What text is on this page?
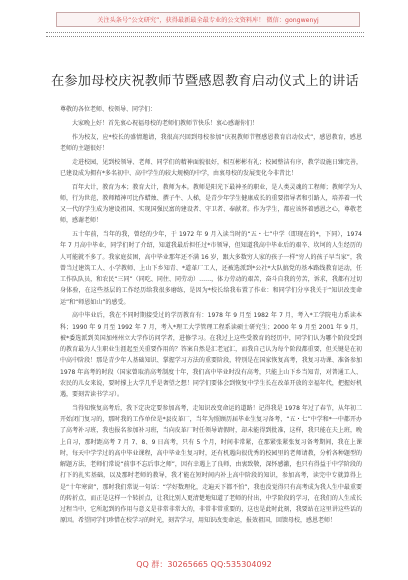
关注头条号“公文研究”，获得最新最全最专业的公文资料库！ 微信：gongwenyj
在参加母校庆祝教师节暨感恩教育启动仪式上的讲话

尊敬的各位老师、校领导、同学们：

大家晚上好！首先衷心祝福母校的老师们教师节快乐！衷心感谢你们！

作为校友，应*校长的盛情邀请，我很高兴回到母校参加“庆祝教师节暨感恩教育启动仪式”，感恩教育，感恩老师的主题很好！

走进校园，见到校领导、老师、同学们的精神面貌很好，相互彬彬有礼；校园整洁有序，教学设施日臻完善，已建设成为拥有*多名初中、高中学生的较大规模的中学，由衷母校的发展变化今非昔比！

百年大计，教育为本；教育大计，教师为本。教师是阳光下最神圣的职业，是人类灵魂的工程师；教师学为人师，行为世范，教师精神可比作蜡烛、撰子牛、人梯，是青少年学生健康成长的重要指导者和引路人，培养着一代又一代的学生成为建设祖国、实现国强民富的建设者、守卫者、奉献者。作为学生，都应该怀着感恩之心，尊敬老师，感谢老师！

五十年前，当年的我，曾经的少年，于 1972 年 9 月入读当时的“五・七”中学（即现在的*，下同），1974 年 7 月高中毕业，同学们时了介绍，知道我最后担任过*市领导，但知道我高中毕业后的艰辛、坎坷的人生经历的人可能就不多了。我家庭贫困，高中毕业那年还不满 16 岁，跟大多数穷人家的孩子一样“穷人的孩子早当家”，我曾当过建筑工人、小学教师、上山下乡知青、*道革厂工人，还被选派到*公社*大队搞党的基本路线教育运动，任工作队队员，和农民“三同”（同吃、同住、同劳动）……，体力劳动的艰苦，奋斗自我的劳苦，诉求，我都有过切身体验，在这些基层的工作经历给我很多磨练，是因为*校长给我布置了作业：和同学们分享我关于“知识改变命运”和“师恩如山”的感受。

高中毕业后，我在不同时期接受过的学历教育有：1978 年 9 月至 1982 年 7 月，考入*工学院电力系读本科；1990 年 9 月至 1992 年 7 月，考入*理工大学管理工程系读硕士研究生；2000 年 9 月至 2001 年 9 月，被*委选派到美国加州州立大学作访问学者，进修学习。在我过上这些受教育的经历中，同学们认为哪个阶段受到的教育最为人生职业生涯起至关重要作用的？答案自然是汇老冠汇，而我自己认为每个阶段都重要，但关键是在初中高中阶段！那是青少年人基础知识、掌握学习方法的重要阶段，特别是在国家恢复高考，我复习功课、准备参加 1978 年高考的时段（国家曾取消高考制度十年，我们高中毕业时没有高考，只能上山下乡当知青，对普通工人、农民的儿女来说，要时撑上大学几乎是奢望之想！同学们要体会到恢复中学生长在改革开放的幸福年代，把握好机遇，要刻苦读书学习）。

当得知恢复高考后，我下定决定要参加高考，走知识改变命运的道路！记得我是 1978 年过了春节，从年初二开始闭门复习的，那时我的工作单位是*县皮革厂，当年为照顾历届毕业生复习备考，“五・七”中学和*一中都开办了高考补习班，我也报名参加补习班，当向皮革厂时任领导请假时，却未能得到批准，这样，我只能在夫上班，晚上自习，那时距高考 7 月 7、8、9 日高考，只有 5 个月，时间非常紧，在那紧张紧张复习备考期间，我在上课时，每天中学学过的高中毕业课程，高中毕业生复习时，还有机遇向很优秀的校园里的老师请教，分析各种题型的解题方法，老师们常说“前事不忘后事之师”，因有幸遇上了良师，由衷致敬，深怀感激，也只有得益于中学阶段的打下的扎实基础，以及那时老师的教导，我才能在短时间内补上高中阶段的知识，参加高考，读完中专就算得上是“十年寒窗”，那时我们常说一句话：“学好数理化，走遍天下都不怕”，我也没觉得只有高考成为我人生中最重要的转折点，而正是这样一个转折点，让我比别人更清楚地知道了老师的付出，中学阶段的学习，在我们的人生成长过程当中，它所起到的作用与意义是非常非常大的，非常非常重要的，这也是此时此刻，我要站在这里讲这些话的原因。希望同学们珍惜在校学习的时光，刻苦学习，用知识改变命运，报效祖国，回馈母校，感恩老师！

QQ 群：30265665 QQ:535304092
